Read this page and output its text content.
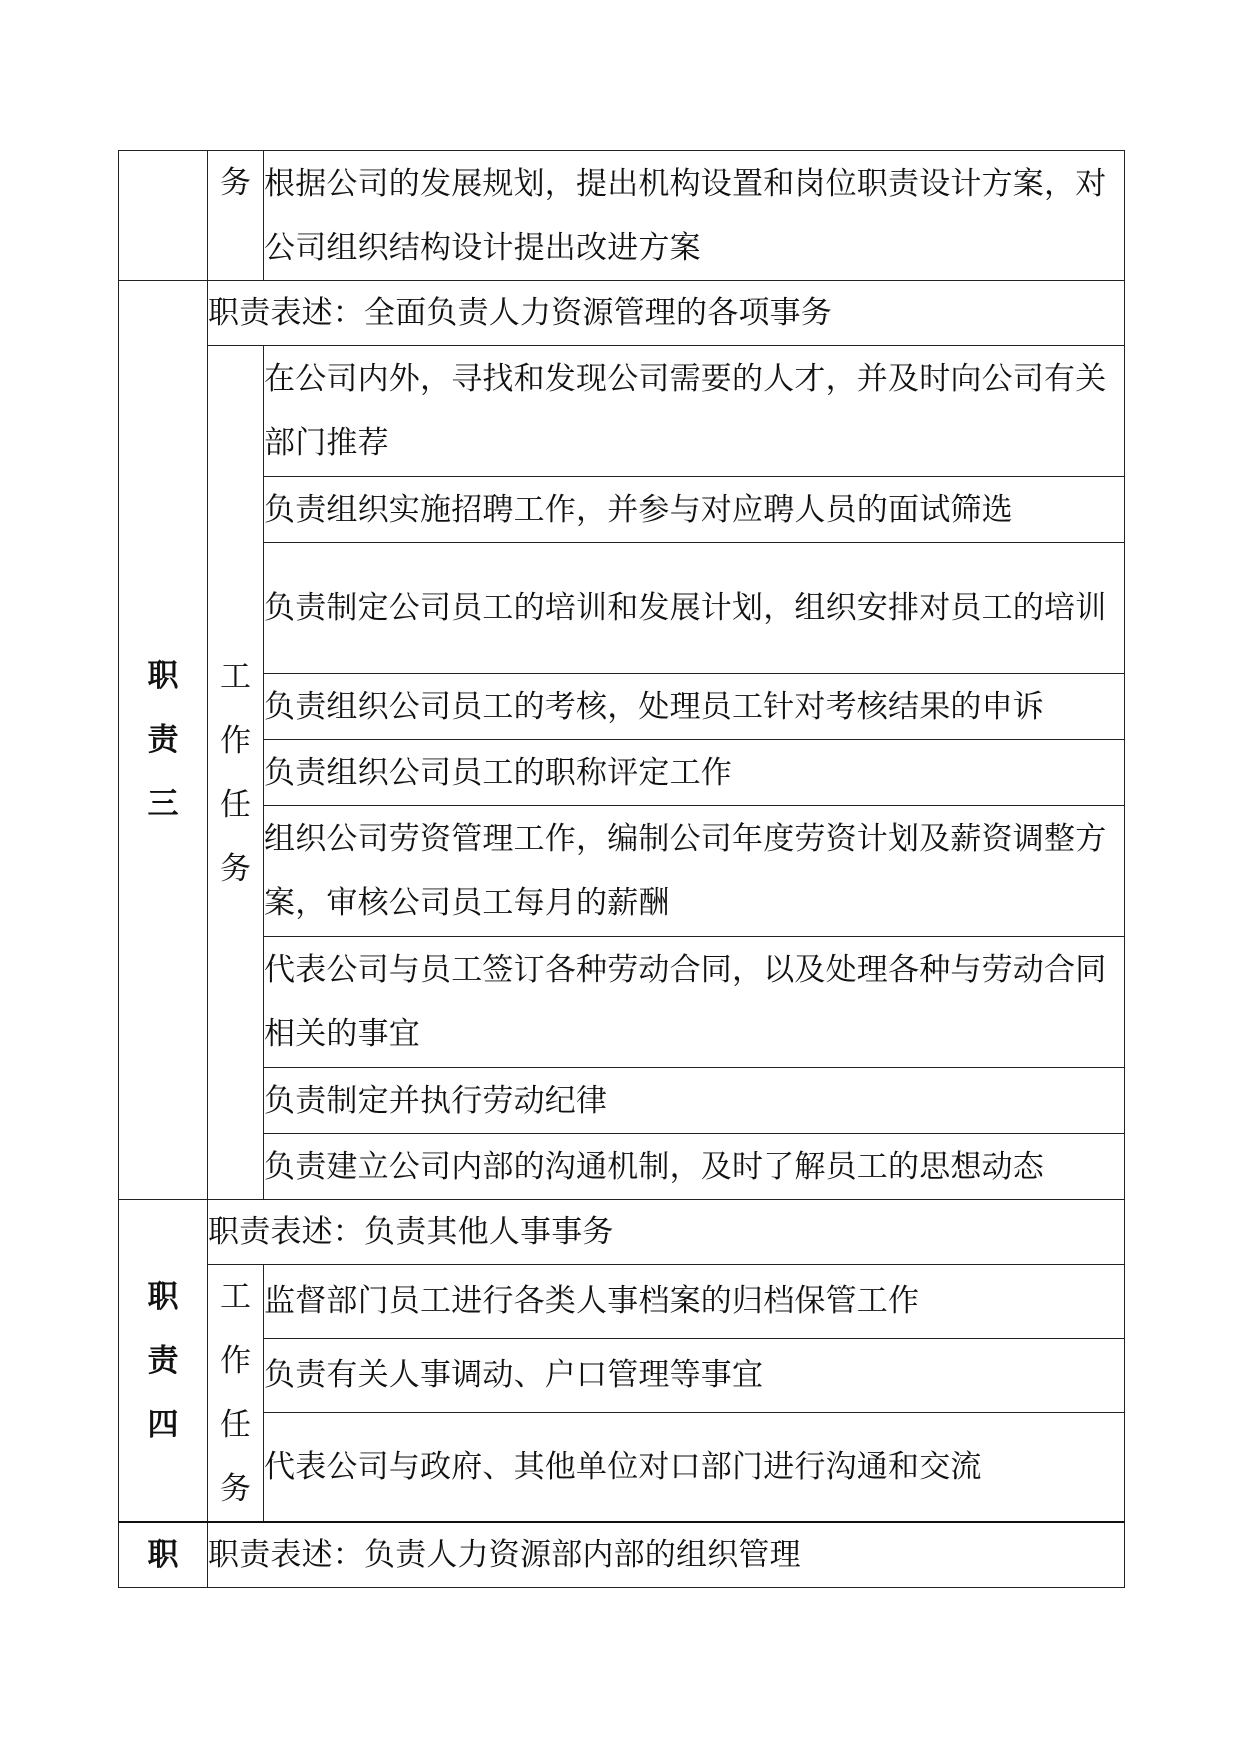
	务	根据公司的发展规划，提出机构设置和岗位职责设计方案，对公司组织结构设计提出改进方案

职
责
三	职责表述：全面负责人力资源管理的各项事务	

	工
作
任
务	在公司内外，寻找和发现公司需要的人才，并及时向公司有关部门推荐
		负责组织实施招聘工作，并参与对应聘人员的面试筛选
		负责制定公司员工的培训和发展计划，组织安排对员工的培训
		负责组织公司员工的考核，处理员工针对考核结果的申诉
		负责组织公司员工的职称评定工作
		组织公司劳资管理工作，编制公司年度劳资计划及薪资调整方案，审核公司员工每月的薪酬
		代表公司与员工签订各种劳动合同，以及处理各种与劳动合同相关的事宜
		负责制定并执行劳动纪律
		负责建立公司内部的沟通机制，及时了解员工的思想动态

职
责
四	职责表述：负责其他人事事务	

	工
作
任
务	监督部门员工进行各类人事档案的归档保管工作
		负责有关人事调动、户口管理等事宜
		代表公司与政府、其他单位对口部门进行沟通和交流
职	职责表述：负责人力资源部内部的组织管理	
